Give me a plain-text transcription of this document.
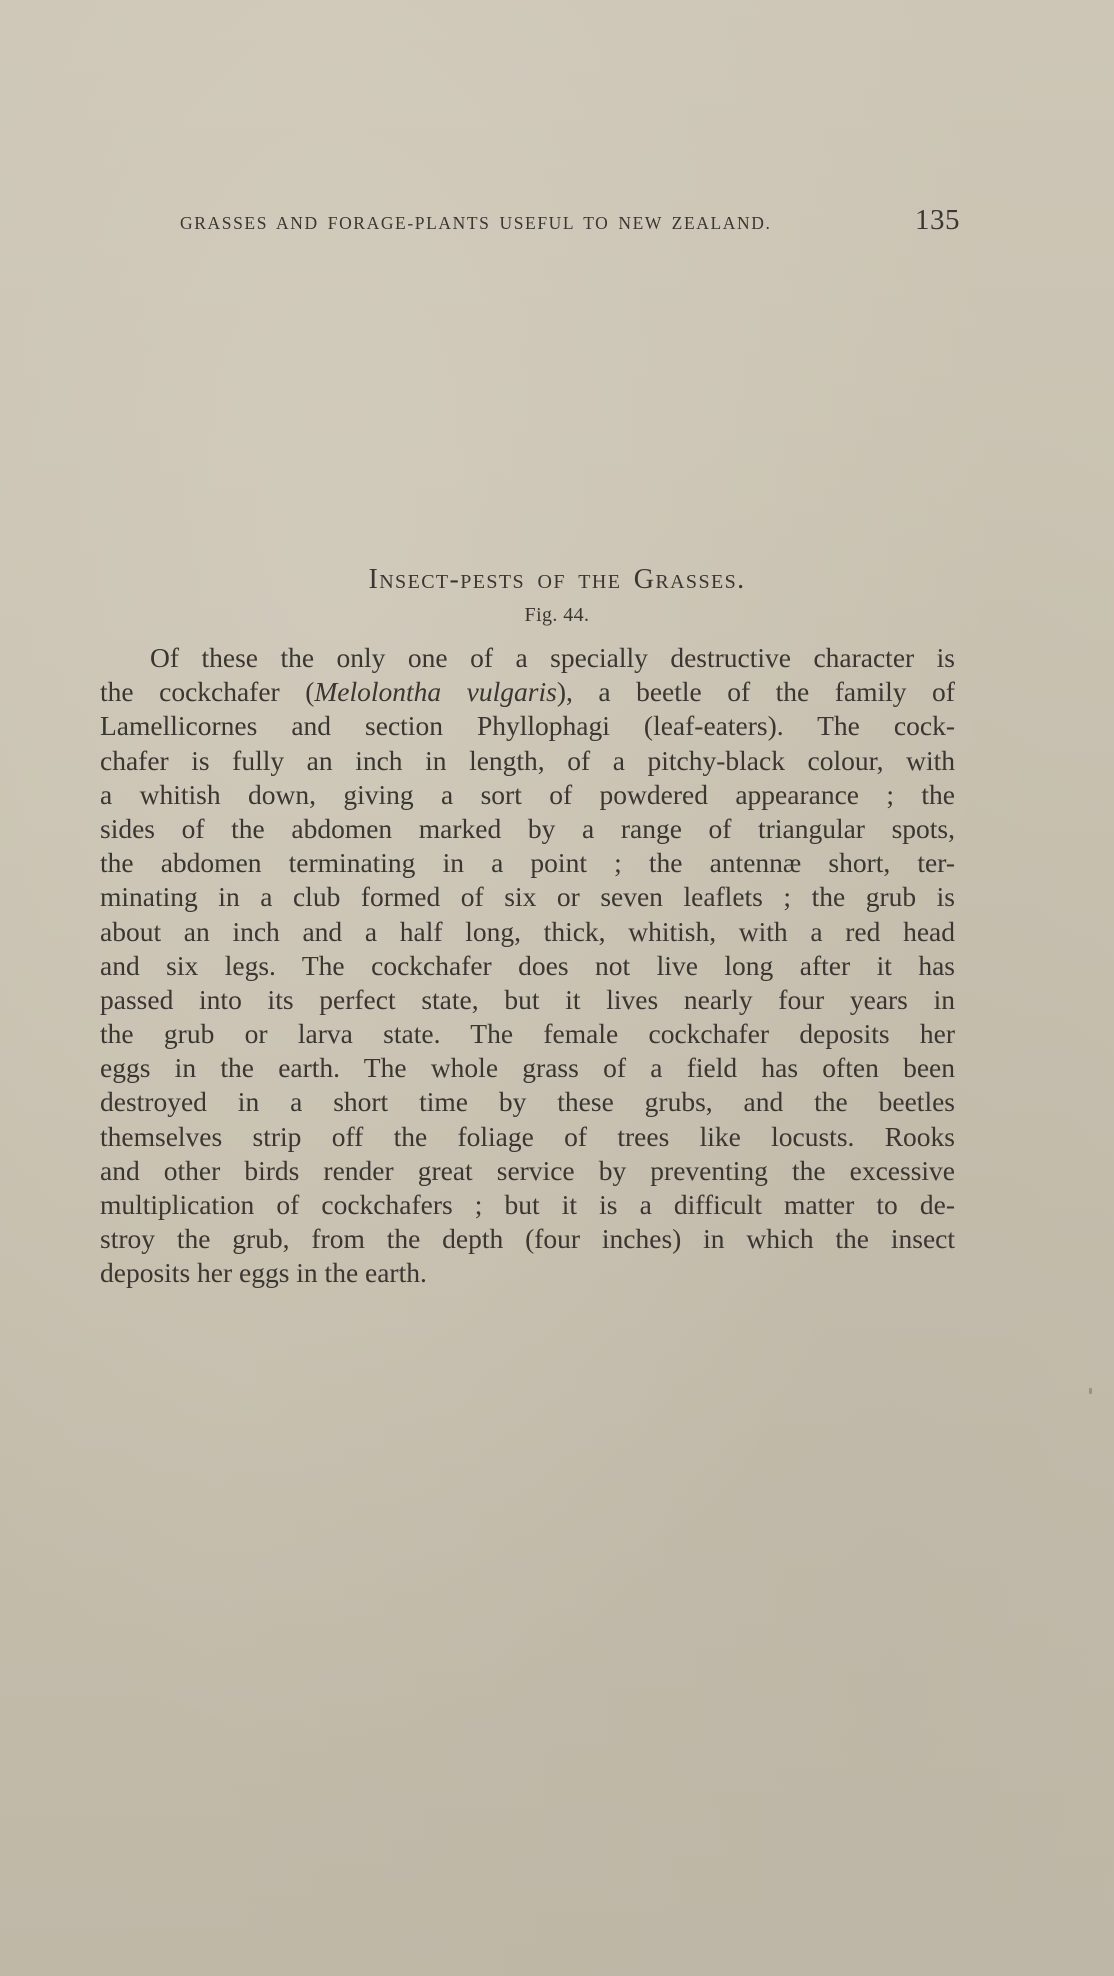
GRASSES AND FORAGE-PLANTS USEFUL TO NEW ZEALAND.	135
Insect-pests of the Grasses.
Fig. 44.
Of these the only one of a specially destructive character is
the cockchafer (Melolontha vulgaris), a beetle of the family of
Lamellicornes and section Phyllophagi (leaf-eaters). The cock-
chafer is fully an inch in length, of a pitchy-black colour, with
a whitish down, giving a sort of powdered appearance ; the
sides of the abdomen marked by a range of triangular spots,
the abdomen terminating in a point ; the antennæ short, ter-
minating in a club formed of six or seven leaflets ; the grub is
about an inch and a half long, thick, whitish, with a red head
and six legs. The cockchafer does not live long after it has
passed into its perfect state, but it lives nearly four years in
the grub or larva state. The female cockchafer deposits her
eggs in the earth. The whole grass of a field has often been
destroyed in a short time by these grubs, and the beetles
themselves strip off the foliage of trees like locusts. Rooks
and other birds render great service by preventing the excessive
multiplication of cockchafers ; but it is a difficult matter to de-
stroy the grub, from the depth (four inches) in which the insect
deposits her eggs in the earth.
